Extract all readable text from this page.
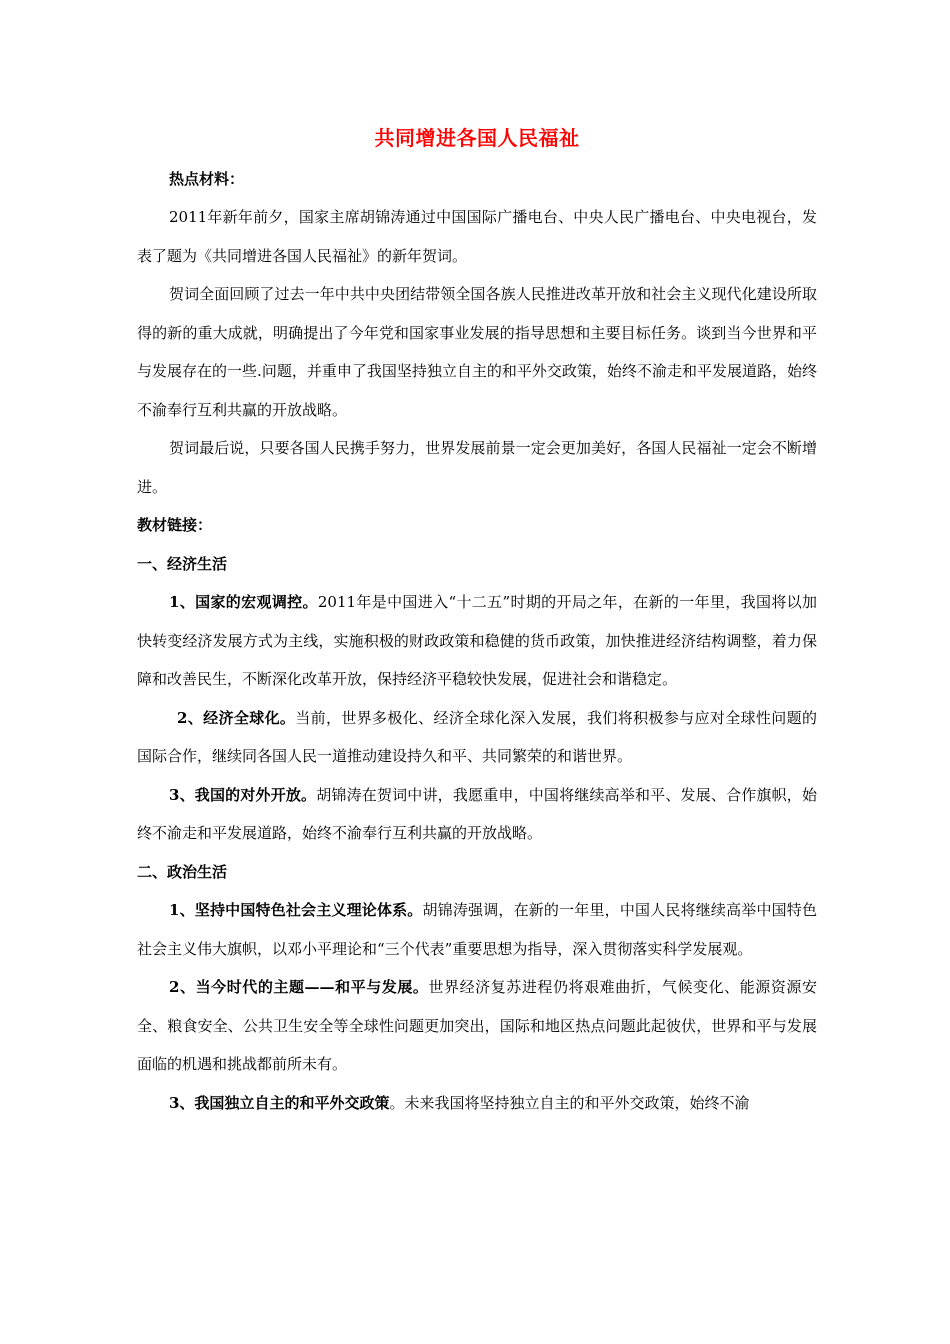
共同增进各国人民福祉
热点材料：

2011年新年前夕，国家主席胡锦涛通过中国国际广播电台、中央人民广播电台、中央电视台，发表了题为《共同增进各国人民福祉》的新年贺词。

贺词全面回顾了过去一年中共中央团结带领全国各族人民推进改革开放和社会主义现代化建设所取得的新的重大成就，明确提出了今年党和国家事业发展的指导思想和主要目标任务。谈到当今世界和平与发展存在的一些.问题，并重申了我国坚持独立自主的和平外交政策，始终不渝走和平发展道路，始终不渝奉行互利共赢的开放战略。

贺词最后说，只要各国人民携手努力，世界发展前景一定会更加美好，各国人民福祉一定会不断增进。

教材链接：
一、经济生活

1、国家的宏观调控。2011年是中国进入“十二五”时期的开局之年，在新的一年里，我国将以加快转变经济发展方式为主线，实施积极的财政政策和稳健的货币政策，加快推进经济结构调整，着力保障和改善民生，不断深化改革开放，保持经济平稳较快发展，促进社会和谐稳定。

2、经济全球化。当前，世界多极化、经济全球化深入发展，我们将积极参与应对全球性问题的国际合作，继续同各国人民一道推动建设持久和平、共同繁荣的和谐世界。

3、我国的对外开放。胡锦涛在贺词中讲，我愿重申，中国将继续高举和平、发展、合作旗帜，始终不渝走和平发展道路，始终不渝奉行互利共赢的开放战略。

二、政治生活

1、坚持中国特色社会主义理论体系。胡锦涛强调，在新的一年里，中国人民将继续高举中国特色社会主义伟大旗帜，以邓小平理论和“三个代表”重要思想为指导，深入贯彻落实科学发展观。

2、当今时代的主题——和平与发展。世界经济复苏进程仍将艰难曲折，气候变化、能源资源安全、粮食安全、公共卫生安全等全球性问题更加突出，国际和地区热点问题此起彼伏，世界和平与发展面临的机遇和挑战都前所未有。

3、我国独立自主的和平外交政策。未来我国将坚持独立自主的和平外交政策，始终不渝
